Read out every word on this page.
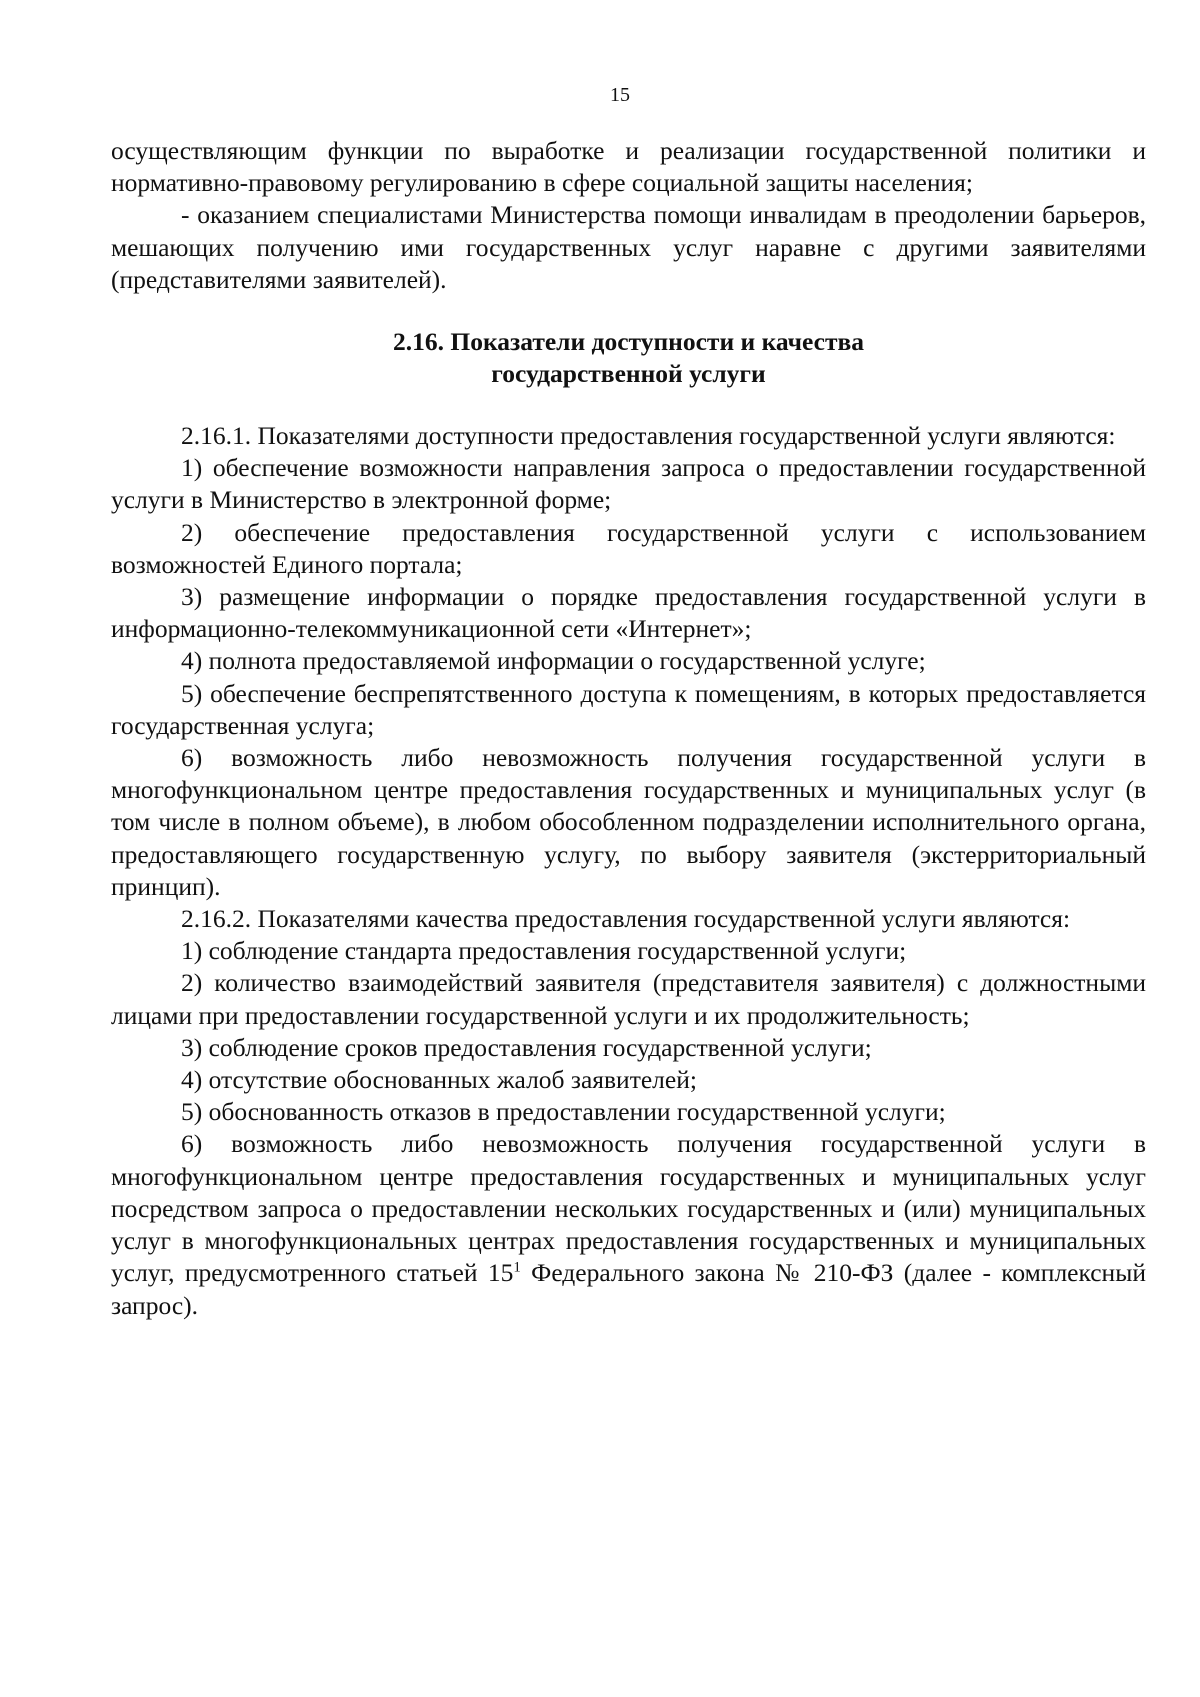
15

осуществляющим функции по выработке и реализации государственной политики и нормативно-правовому регулированию в сфере социальной защиты населения;

- оказанием специалистами Министерства помощи инвалидам в преодолении барьеров, мешающих получению ими государственных услуг наравне с другими заявителями (представителями заявителей).

2.16. Показатели доступности и качества
государственной услуги

2.16.1. Показателями доступности предоставления государственной услуги являются:

1) обеспечение возможности направления запроса о предоставлении государственной услуги в Министерство в электронной форме;

2) обеспечение предоставления государственной услуги с использованием возможностей Единого портала;

3) размещение информации о порядке предоставления государственной услуги в информационно-телекоммуникационной сети «Интернет»;

4) полнота предоставляемой информации о государственной услуге;

5) обеспечение беспрепятственного доступа к помещениям, в которых предоставляется государственная услуга;

6) возможность либо невозможность получения государственной услуги в многофункциональном центре предоставления государственных и муниципальных услуг (в том числе в полном объеме), в любом обособленном подразделении исполнительного органа, предоставляющего государственную услугу, по выбору заявителя (экстерриториальный принцип).

2.16.2. Показателями качества предоставления государственной услуги являются:

1) соблюдение стандарта предоставления государственной услуги;

2) количество взаимодействий заявителя (представителя заявителя) с должностными лицами при предоставлении государственной услуги и их продолжительность;

3) соблюдение сроков предоставления государственной услуги;

4) отсутствие обоснованных жалоб заявителей;

5) обоснованность отказов в предоставлении государственной услуги;

6) возможность либо невозможность получения государственной услуги в многофункциональном центре предоставления государственных и муниципальных услуг посредством запроса о предоставлении нескольких государственных и (или) муниципальных услуг в многофункциональных центрах предоставления государственных и муниципальных услуг, предусмотренного статьей $15^1$ Федерального закона № 210-ФЗ (далее - комплексный запрос).
